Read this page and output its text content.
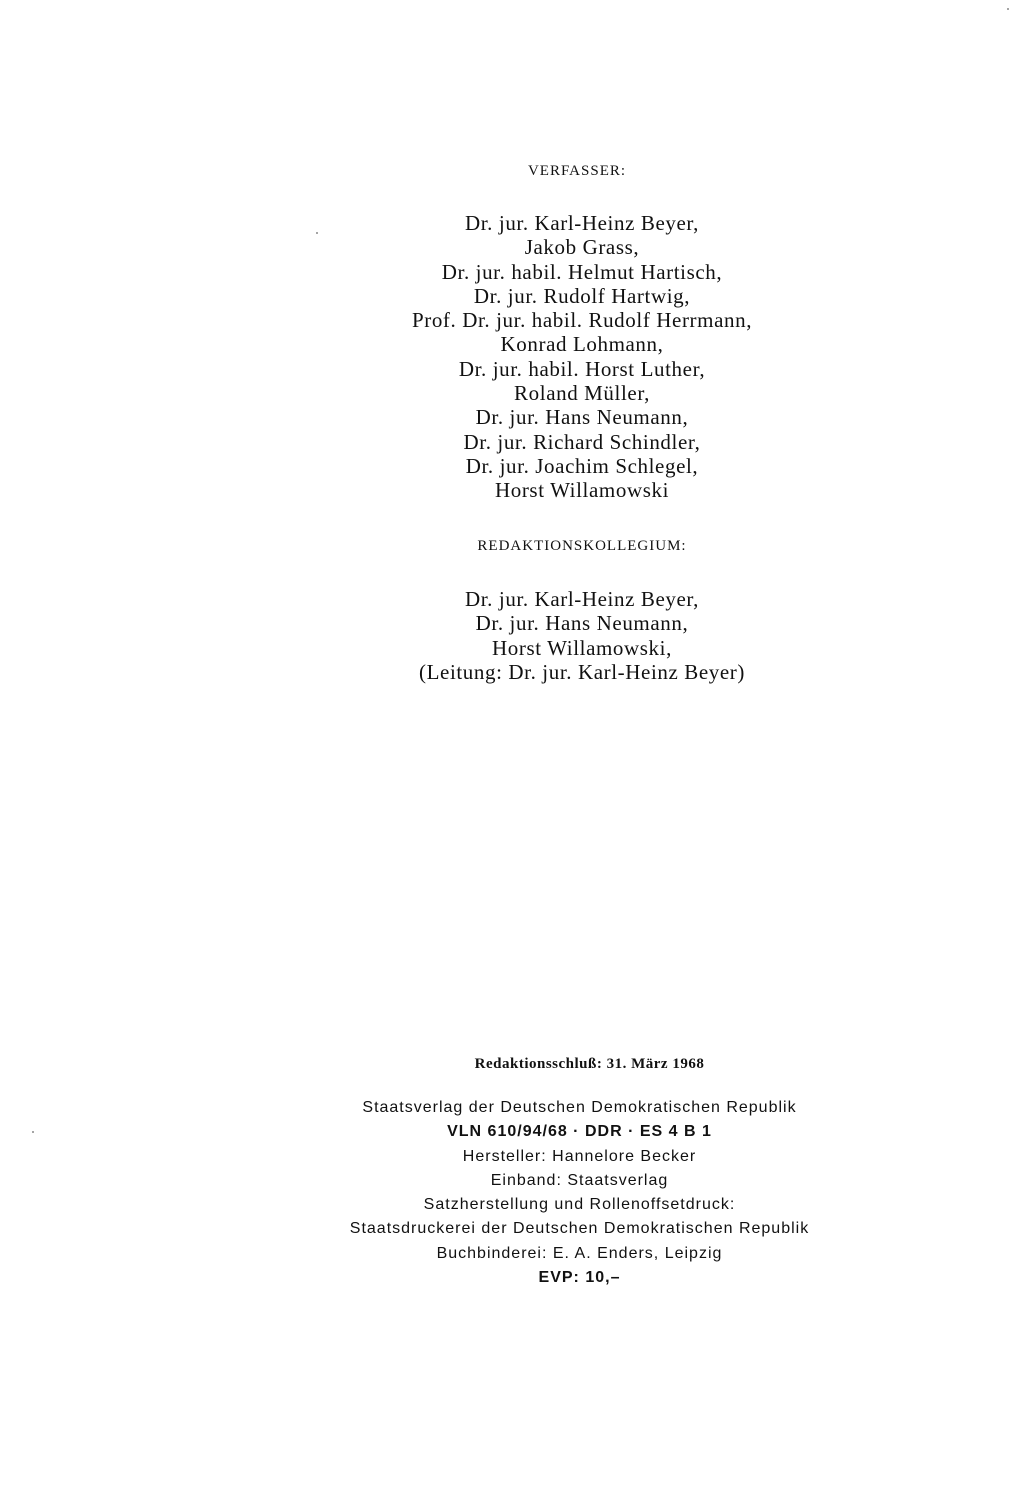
VERFASSER:
Dr. jur. Karl-Heinz Beyer,
Jakob Grass,
Dr. jur. habil. Helmut Hartisch,
Dr. jur. Rudolf Hartwig,
Prof. Dr. jur. habil. Rudolf Herrmann,
Konrad Lohmann,
Dr. jur. habil. Horst Luther,
Roland Müller,
Dr. jur. Hans Neumann,
Dr. jur. Richard Schindler,
Dr. jur. Joachim Schlegel,
Horst Willamowski
REDAKTIONSKOLLEGIUM:
Dr. jur. Karl-Heinz Beyer,
Dr. jur. Hans Neumann,
Horst Willamowski,
(Leitung: Dr. jur. Karl-Heinz Beyer)
Redaktionsschluß: 31. März 1968
Staatsverlag der Deutschen Demokratischen Republik
VLN 610/94/68 · DDR · ES 4 B 1
Hersteller: Hannelore Becker
Einband: Staatsverlag
Satzherstellung und Rollenoffsetdruck:
Staatsdruckerei der Deutschen Demokratischen Republik
Buchbinderei: E. A. Enders, Leipzig
EVP: 10,–
